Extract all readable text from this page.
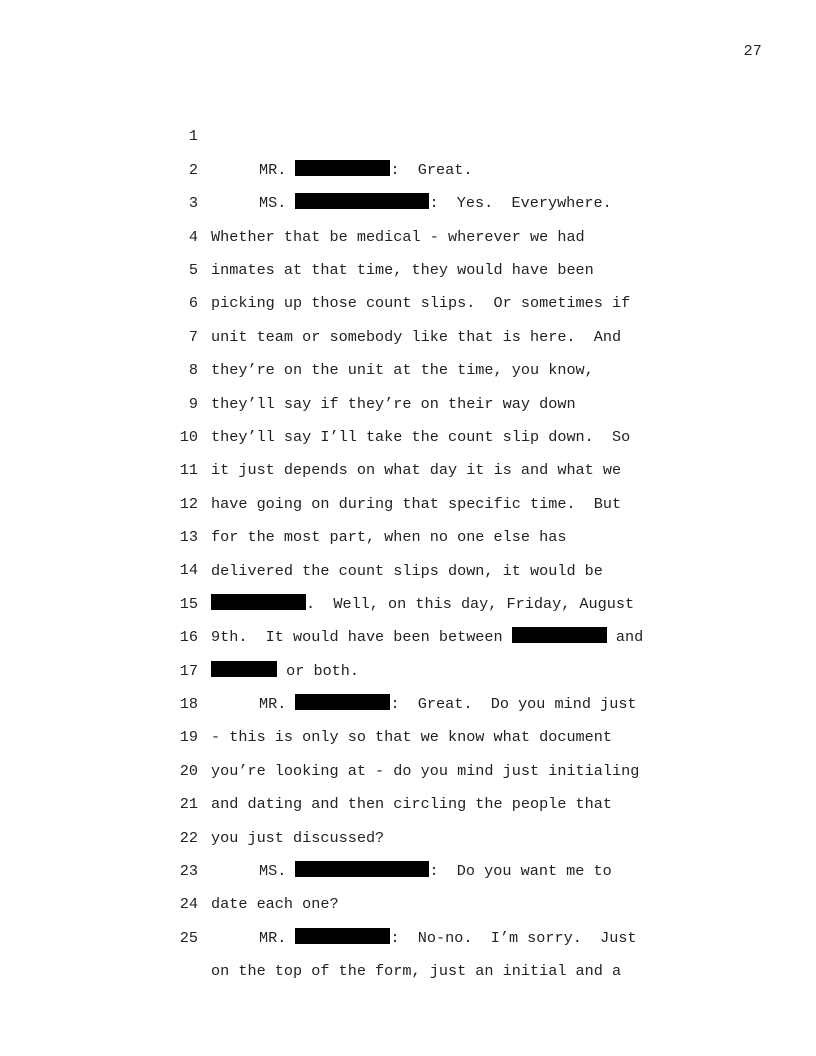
27

1

MR.	:  Great.

2

MS.	:  Yes.  Everywhere.

3

Whether that be medical - wherever we had

4

inmates at that time, they would have been

5

picking up those count slips.  Or sometimes if

6

unit team or somebody like that is here.  And

7

they’re on the unit at the time, you know,

8

they’ll say if they’re on their way down

9

they’ll say I’ll take the count slip down.  So

10

it just depends on what day it is and what we

11

have going on during that specific time.  But

12

for the most part, when no one else has

13

delivered the count slips down, it would be

14

.  Well, on this day, Friday, August

15

9th.  It would have been between	and

16

or both.

17

MR.	:  Great.  Do you mind just

18

- this is only so that we know what document

19

you’re looking at - do you mind just initialing

20

and dating and then circling the people that

21

you just discussed?

22

MS.	:  Do you want me to

23

date each one?

24

MR.	:  No-no.  I’m sorry.  Just

25

on the top of the form, just an initial and a
